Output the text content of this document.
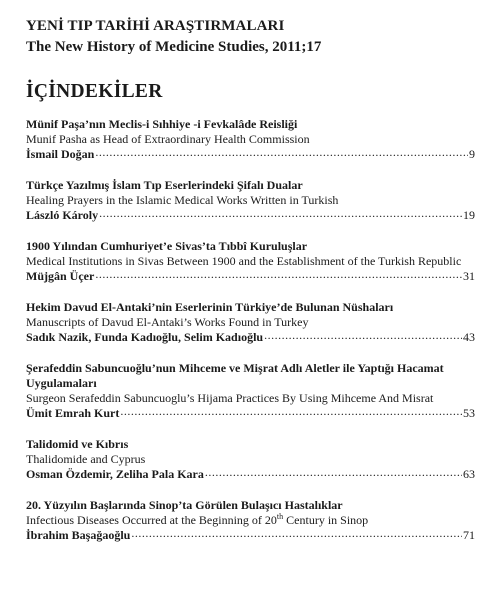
YENİ TIP TARİHİ ARAŞTIRMALARI
The New History of Medicine Studies, 2011;17
İÇİNDEKİLER
Münif Paşa’nın Meclis-i Sıhhiye -i Fevkalâde Reisliği
Munif Pasha as Head of Extraordinary Health Commission
İsmail Doğan .....	9
Türkçe Yazılmış İslam Tıp Eserlerindeki Şifalı Dualar
Healing Prayers in the Islamic Medical Works Written in Turkish
László Károly .....	19
1900 Yılından Cumhuriyet’e Sivas’ta Tıbbî Kuruluşlar
Medical Institutions in Sivas Between 1900 and the Establishment of the Turkish Republic
Müjgân Üçer .....	31
Hekim Davud El-Antaki’nin Eserlerinin Türkiye’de Bulunan Nüshaları
Manuscripts of Davud El-Antaki’s Works Found in Turkey
Sadık Nazik, Funda Kadıoğlu, Selim Kadıoğlu .....	43
Şerafeddin Sabuncuoğlu’nun Mihceme ve Mişrat Adlı Aletler ile Yaptığı Hacamat Uygulamaları
Surgeon Serafeddin Sabuncuoglu’s Hijama Practices By Using Mihceme And Misrat
Ümit Emrah Kurt .....	53
Talidomid ve Kıbrıs
Thalidomide and Cyprus
Osman Özdemir, Zeliha Pala Kara .....	63
20. Yüzyılın Başlarında Sinop’ta Görülen Bulaşıcı Hastalıklar
Infectious Diseases Occurred at the Beginning of 20th Century in Sinop
İbrahim Başağaoğlu .....	71
